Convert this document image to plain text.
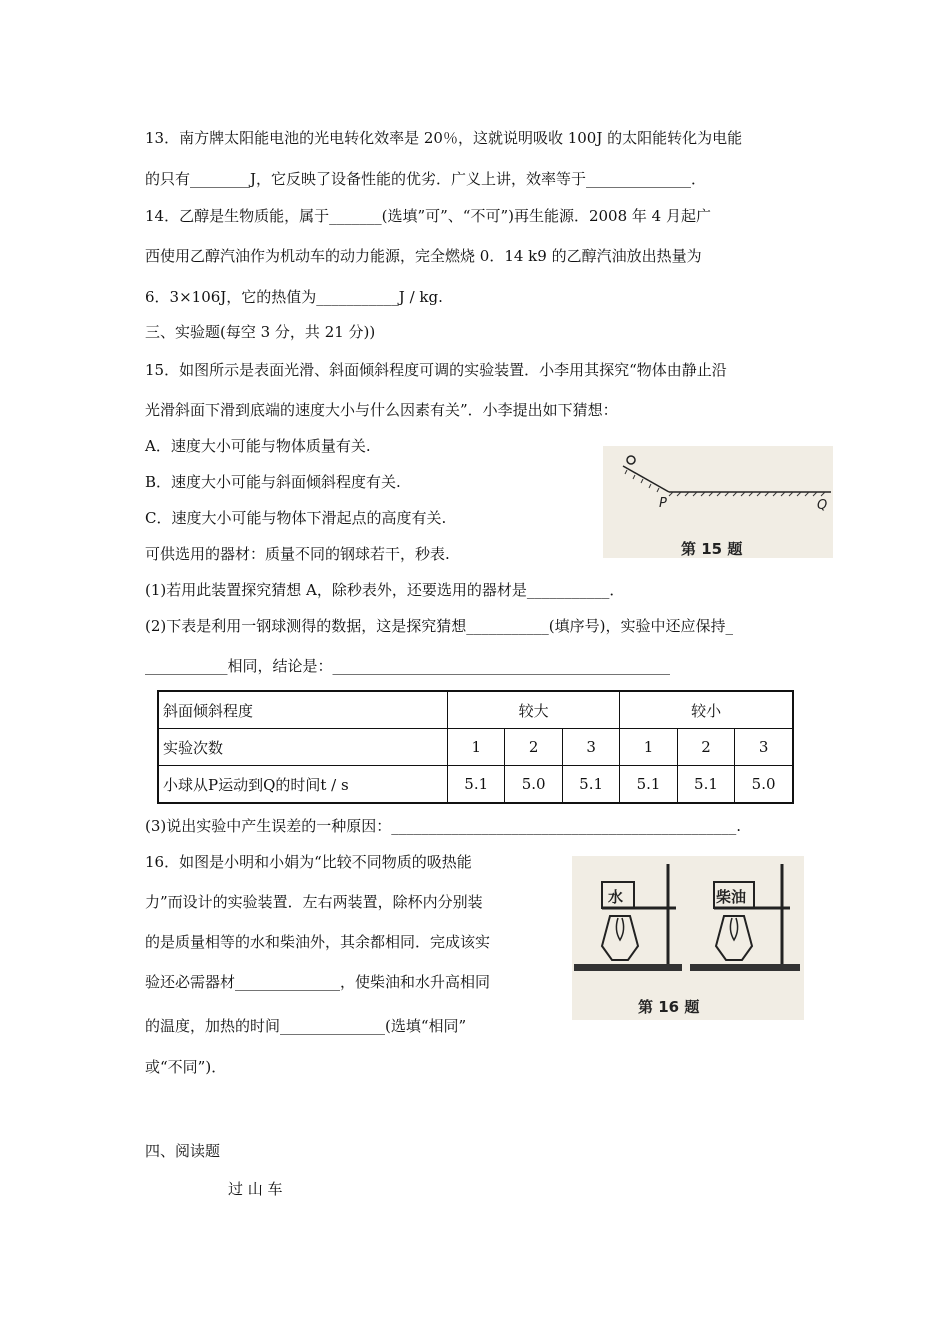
13．南方牌太阳能电池的光电转化效率是 20％，这就说明吸收 100J 的太阳能转化为电能
的只有________J，它反映了设备性能的优劣．广义上讲，效率等于______________．
14．乙醇是生物质能，属于_______(选填”可”、“不可”)再生能源．2008 年 4 月起广
西使用乙醇汽油作为机动车的动力能源，完全燃烧 0．14 k9 的乙醇汽油放出热量为
6．3×106J，它的热值为___________J / kg.
三、实验题(每空 3 分，共 21 分))
15．如图所示是表面光滑、斜面倾斜程度可调的实验装置．小李用其探究“物体由静止沿
光滑斜面下滑到底端的速度大小与什么因素有关”．小李提出如下猜想：
A．速度大小可能与物体质量有关.
B．速度大小可能与斜面倾斜程度有关.
C．速度大小可能与物体下滑起点的高度有关.
可供选用的器材：质量不同的钢球若干，秒表.
(1)若用此装置探究猜想 A，除秒表外，还要选用的器材是___________．
(2)下表是利用一钢球测得的数据，这是探究猜想___________(填序号)，实验中还应保持_
___________相同，结论是：_____________________________________________
P	Q
第 15 题
斜面倾斜程度	较大			较小		
实验次数	1	2	3	1	2	3
小球从P运动到Q的时间t / s	5.1	5.0	5.1	5.1	5.1	5.0
(3)说出实验中产生误差的一种原因：______________________________________________.
16．如图是小明和小娟为“比较不同物质的吸热能
力”而设计的实验装置．左右两装置，除杯内分别装
的是质量相等的水和柴油外，其余都相同．完成该实
验还必需器材______________，使柴油和水升高相同
的温度，加热的时间______________(选填“相同”
或“不同”)．
水	柴油
第 16 题
四、阅读题
过 山 车
